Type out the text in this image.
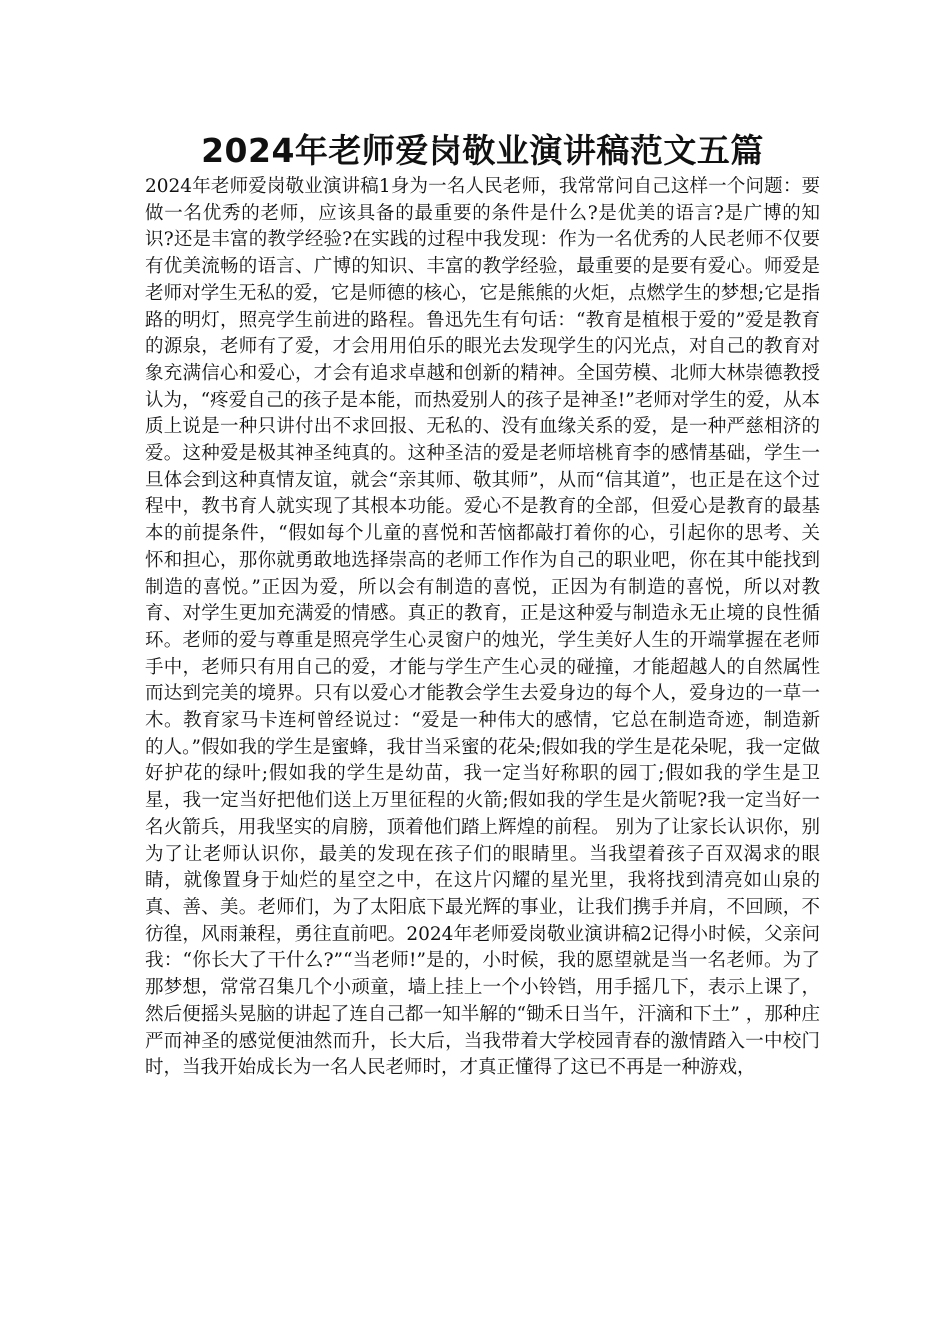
2024年老师爱岗敬业演讲稿范文五篇

2024年老师爱岗敬业演讲稿1身为一名人民老师，我常常问自己这样一个问题：要做一名优秀的老师，应该具备的最重要的条件是什么?是优美的语言?是广博的知识?还是丰富的教学经验?在实践的过程中我发现：作为一名优秀的人民老师不仅要有优美流畅的语言、广博的知识、丰富的教学经验，最重要的是要有爱心。师爱是老师对学生无私的爱，它是师德的核心，它是熊熊的火炬，点燃学生的梦想;它是指路的明灯，照亮学生前进的路程。鲁迅先生有句话：“教育是植根于爱的”爱是教育的源泉，老师有了爱，才会用用伯乐的眼光去发现学生的闪光点，对自己的教育对象充满信心和爱心，才会有追求卓越和创新的精神。全国劳模、北师大林崇德教授认为，“疼爱自己的孩子是本能，而热爱别人的孩子是神圣!”老师对学生的爱，从本质上说是一种只讲付出不求回报、无私的、没有血缘关系的爱，是一种严慈相济的爱。这种爱是极其神圣纯真的。这种圣洁的爱是老师培桃育李的感情基础，学生一旦体会到这种真情友谊，就会“亲其师、敬其师”，从而“信其道”，也正是在这个过程中，教书育人就实现了其根本功能。爱心不是教育的全部，但爱心是教育的最基本的前提条件，“假如每个儿童的喜悦和苦恼都敲打着你的心，引起你的思考、关怀和担心，那你就勇敢地选择崇高的老师工作作为自己的职业吧，你在其中能找到制造的喜悦。”正因为爱，所以会有制造的喜悦，正因为有制造的喜悦，所以对教育、对学生更加充满爱的情感。真正的教育，正是这种爱与制造永无止境的良性循环。老师的爱与尊重是照亮学生心灵窗户的烛光，学生美好人生的开端掌握在老师手中，老师只有用自己的爱，才能与学生产生心灵的碰撞，才能超越人的自然属性而达到完美的境界。只有以爱心才能教会学生去爱身边的每个人，爱身边的一草一木。教育家马卡连柯曾经说过：“爱是一种伟大的感情，它总在制造奇迹，制造新的人。”假如我的学生是蜜蜂，我甘当采蜜的花朵;假如我的学生是花朵呢，我一定做好护花的绿叶;假如我的学生是幼苗，我一定当好称职的园丁;假如我的学生是卫星，我一定当好把他们送上万里征程的火箭;假如我的学生是火箭呢?我一定当好一名火箭兵，用我坚实的肩膀，顶着他们踏上辉煌的前程。 别为了让家长认识你，别为了让老师认识你，最美的发现在孩子们的眼睛里。当我望着孩子百双渴求的眼睛，就像置身于灿烂的星空之中，在这片闪耀的星光里，我将找到清亮如山泉的真、善、美。老师们，为了太阳底下最光辉的事业，让我们携手并肩，不回顾，不彷徨，风雨兼程，勇往直前吧。2024年老师爱岗敬业演讲稿2记得小时候，父亲问我：“你长大了干什么?”“当老师!”是的，小时候，我的愿望就是当一名老师。为了那梦想，常常召集几个小顽童，墙上挂上一个小铃铛，用手摇几下，表示上课了，然后便摇头晃脑的讲起了连自己都一知半解的“锄禾日当午，汗滴和下土” ，那种庄严而神圣的感觉便油然而升，长大后，当我带着大学校园青春的激情踏入一中校门时，当我开始成长为一名人民老师时，才真正懂得了这已不再是一种游戏，
